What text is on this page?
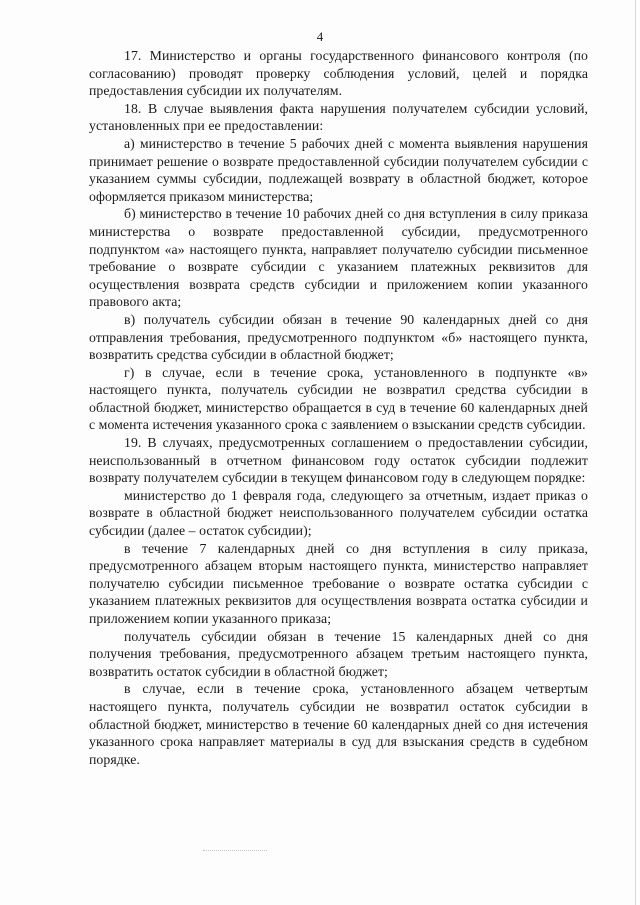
4

17. Министерство и органы государственного финансового контроля (по согласованию) проводят проверку соблюдения условий, целей и порядка предоставления субсидии их получателям.

18. В случае выявления факта нарушения получателем субсидии условий, установленных при ее предоставлении:

а) министерство в течение 5 рабочих дней с момента выявления нарушения принимает решение о возврате предоставленной субсидии получателем субсидии с указанием суммы субсидии, подлежащей возврату в областной бюджет, которое оформляется приказом министерства;

б) министерство в течение 10 рабочих дней со дня вступления в силу приказа министерства о возврате предоставленной субсидии, предусмотренного подпунктом «а» настоящего пункта, направляет получателю субсидии письменное требование о возврате субсидии с указанием платежных реквизитов для осуществления возврата средств субсидии и приложением копии указанного правового акта;

в) получатель субсидии обязан в течение 90 календарных дней со дня отправления требования, предусмотренного подпунктом «б» настоящего пункта, возвратить средства субсидии в областной бюджет;

г) в случае, если в течение срока, установленного в подпункте «в» настоящего пункта, получатель субсидии не возвратил средства субсидии в областной бюджет, министерство обращается в суд в течение 60 календарных дней с момента истечения указанного срока с заявлением о взыскании средств субсидии.

19. В случаях, предусмотренных соглашением о предоставлении субсидии, неиспользованный в отчетном финансовом году остаток субсидии подлежит возврату получателем субсидии в текущем финансовом году в следующем порядке:

министерство до 1 февраля года, следующего за отчетным, издает приказ о возврате в областной бюджет неиспользованного получателем субсидии остатка субсидии (далее – остаток субсидии);

в течение 7 календарных дней со дня вступления в силу приказа, предусмотренного абзацем вторым настоящего пункта, министерство направляет получателю субсидии письменное требование о возврате остатка субсидии с указанием платежных реквизитов для осуществления возврата остатка субсидии и приложением копии указанного приказа;

получатель субсидии обязан в течение 15 календарных дней со дня получения требования, предусмотренного абзацем третьим настоящего пункта, возвратить остаток субсидии в областной бюджет;

в случае, если в течение срока, установленного абзацем четвертым настоящего пункта, получатель субсидии не возвратил остаток субсидии в областной бюджет, министерство в течение 60 календарных дней со дня истечения указанного срока направляет материалы в суд для взыскания средств в судебном порядке.
